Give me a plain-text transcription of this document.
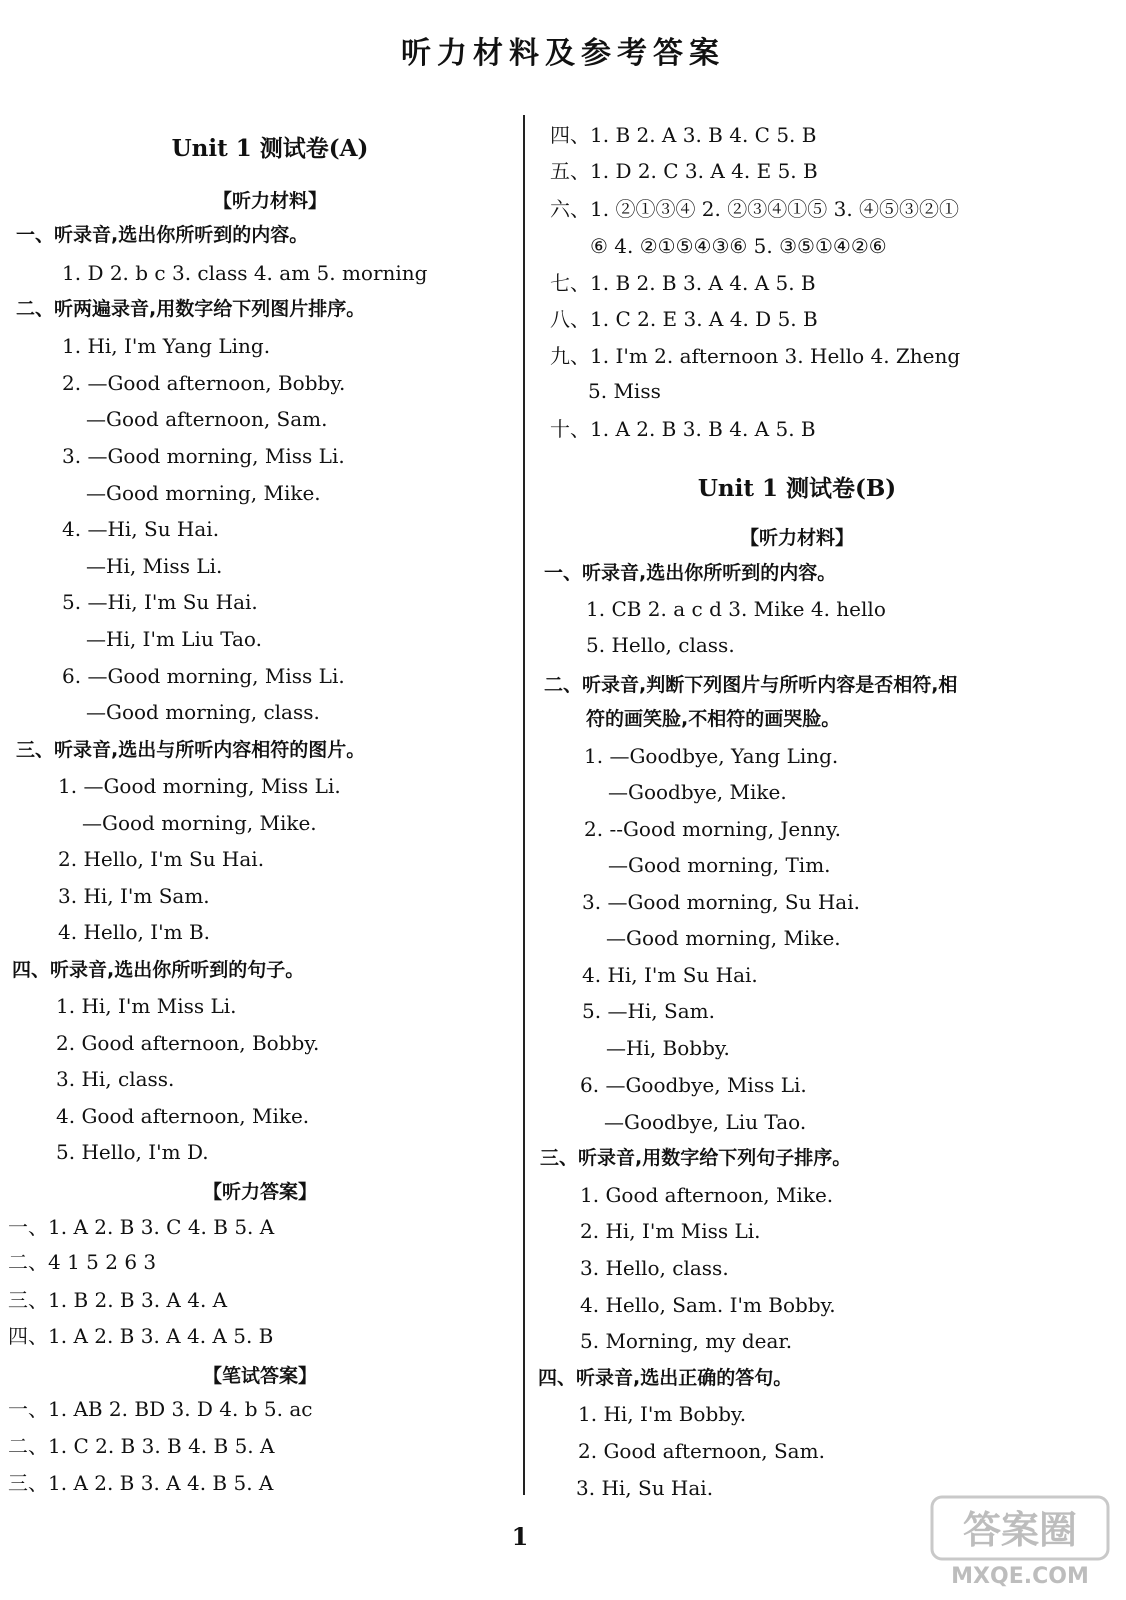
听力材料及参考答案
Unit 1 测试卷(A)
【听力材料】
一、听录音,选出你所听到的内容。
1. D 2. b c 3. class 4. am 5. morning
二、听两遍录音,用数字给下列图片排序。
1. Hi, I'm Yang Ling.
2. —Good afternoon, Bobby.
—Good afternoon, Sam.
3. —Good morning, Miss Li.
—Good morning, Mike.
4. —Hi, Su Hai.
—Hi, Miss Li.
5. —Hi, I'm Su Hai.
—Hi, I'm Liu Tao.
6. —Good morning, Miss Li.
—Good morning, class.
三、听录音,选出与所听内容相符的图片。
1. —Good morning, Miss Li.
—Good morning, Mike.
2. Hello, I'm Su Hai.
3. Hi, I'm Sam.
4. Hello, I'm B.
四、听录音,选出你所听到的句子。
1. Hi, I'm Miss Li.
2. Good afternoon, Bobby.
3. Hi, class.
4. Good afternoon, Mike.
5. Hello, I'm D.
【听力答案】
一、1. A 2. B 3. C 4. B 5. A
二、4 1 5 2 6 3
三、1. B 2. B 3. A 4. A
四、1. A 2. B 3. A 4. A 5. B
【笔试答案】
一、1. AB 2. BD 3. D 4. b 5. ac
二、1. C 2. B 3. B 4. B 5. A
三、1. A 2. B 3. A 4. B 5. A
四、1. B 2. A 3. B 4. C 5. B
五、1. D 2. C 3. A 4. E 5. B
六、1. ②①③④ 2. ②③④①⑤ 3. ④⑤③②①
⑥ 4. ②①⑤④③⑥ 5. ③⑤①④②⑥
七、1. B 2. B 3. A 4. A 5. B
八、1. C 2. E 3. A 4. D 5. B
九、1. I'm 2. afternoon 3. Hello 4. Zheng
5. Miss
十、1. A 2. B 3. B 4. A 5. B
Unit 1 测试卷(B)
【听力材料】
一、听录音,选出你所听到的内容。
1. CB 2. a c d 3. Mike 4. hello
5. Hello, class.
二、听录音,判断下列图片与所听内容是否相符,相
符的画笑脸,不相符的画哭脸。
1. —Goodbye, Yang Ling.
—Goodbye, Mike.
2. --Good morning, Jenny.
—Good morning, Tim.
3. —Good morning, Su Hai.
—Good morning, Mike.
4. Hi, I'm Su Hai.
5. —Hi, Sam.
—Hi, Bobby.
6. —Goodbye, Miss Li.
—Goodbye, Liu Tao.
三、听录音,用数字给下列句子排序。
1. Good afternoon, Mike.
2. Hi, I'm Miss Li.
3. Hello, class.
4. Hello, Sam. I'm Bobby.
5. Morning, my dear.
四、听录音,选出正确的答句。
1. Hi, I'm Bobby.
2. Good afternoon, Sam.
3. Hi, Su Hai.
1	答案圈
MXQE.COM
